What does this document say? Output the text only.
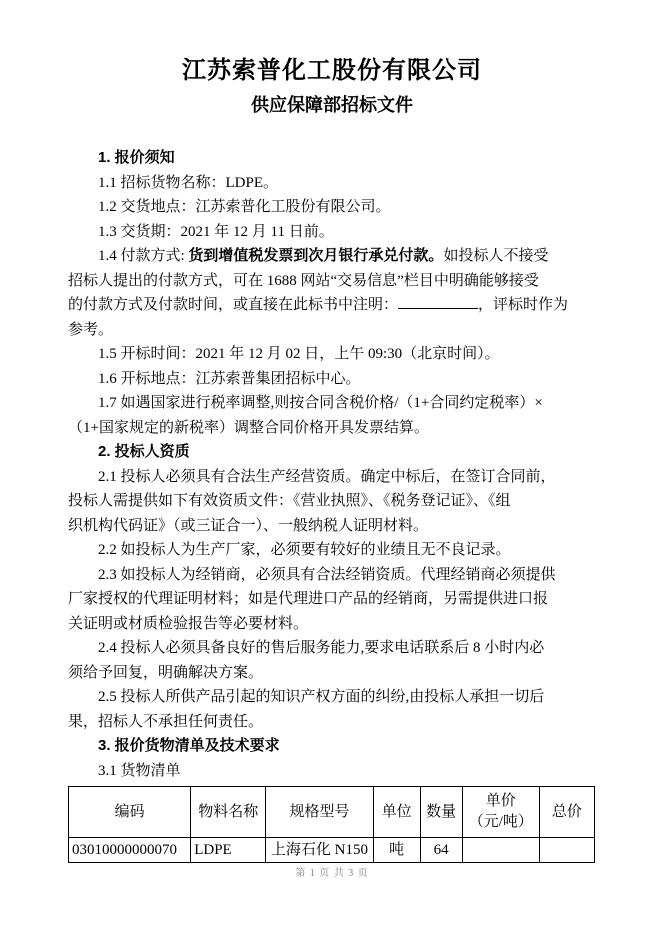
江苏索普化工股份有限公司
供应保障部招标文件
1. 报价须知
1.1 招标货物名称：LDPE。
1.2 交货地点：江苏索普化工股份有限公司。
1.3 交货期：2021 年 12 月 11 日前。
1.4 付款方式: 货到增值税发票到次月银行承兑付款。如投标人不接受
招标人提出的付款方式，可在 1688 网站“交易信息”栏目中明确能够接受
的付款方式及付款时间，或直接在此标书中注明：	，评标时作为
参考。
1.5 开标时间：2021 年 12 月 02 日，上午 09:30（北京时间）。
1.6 开标地点：江苏索普集团招标中心。
1.7 如遇国家进行税率调整,则按合同含税价格/（1+合同约定税率）×
（1+国家规定的新税率）调整合同价格开具发票结算。
2. 投标人资质
2.1 投标人必须具有合法生产经营资质。确定中标后，在签订合同前，
投标人需提供如下有效资质文件：《营业执照》、《税务登记证》、《组
织机构代码证》（或三证合一）、一般纳税人证明材料。
2.2 如投标人为生产厂家，必须要有较好的业绩且无不良记录。
2.3 如投标人为经销商，必须具有合法经销资质。代理经销商必须提供
厂家授权的代理证明材料；如是代理进口产品的经销商，另需提供进口报
关证明或材质检验报告等必要材料。
2.4 投标人必须具备良好的售后服务能力,要求电话联系后 8 小时内必
须给予回复，明确解决方案。
2.5 投标人所供产品引起的知识产权方面的纠纷,由投标人承担一切后
果，招标人不承担任何责任。
3. 报价货物清单及技术要求
3.1 货物清单
编码	物料名称	规格型号	单位	数量	单价
（元/吨）	总价

03010000000070	LDPE	上海石化 N150	吨	64		
第 1 页 共 3 页
